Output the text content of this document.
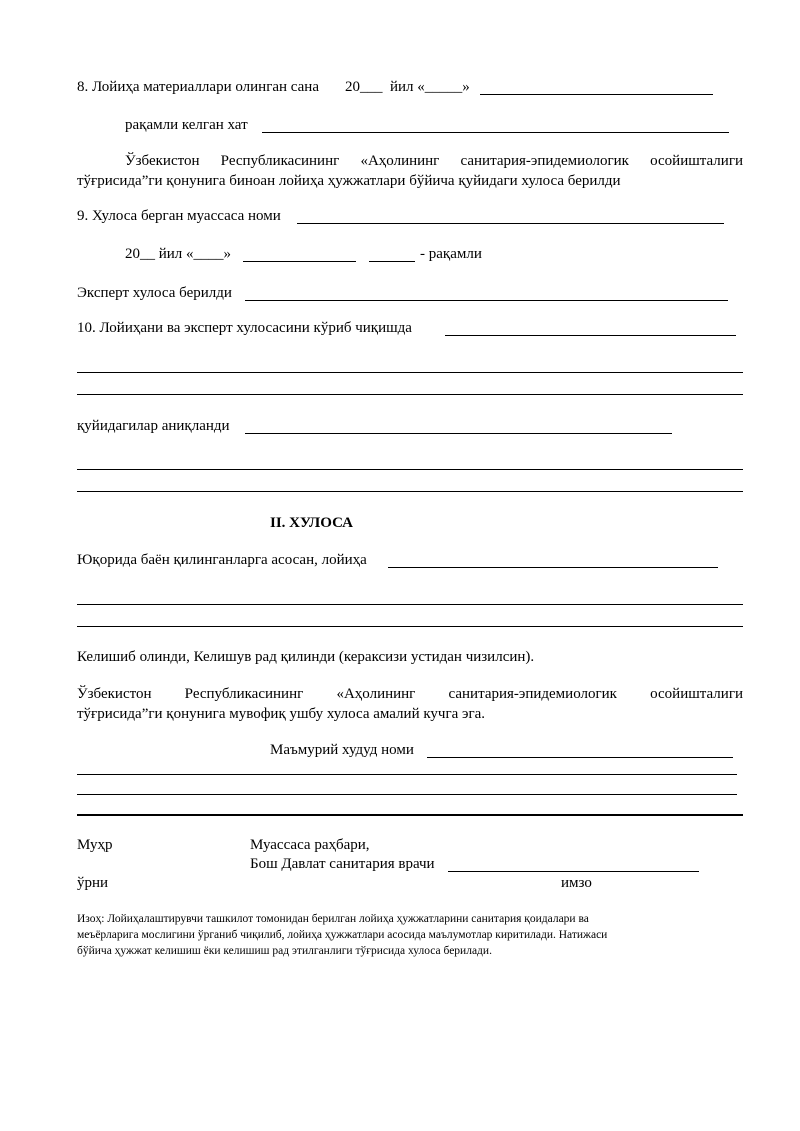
8. Лойиҳа материаллари олинган сана 20___ йил «_____»
рақамли келган хат
Ўзбекистон Республикасининг «Аҳолининг санитария-эпидемиологик осойишталиги
тўғрисида”ги қонунига биноан лойиҳа ҳужжатлари бўйича қуйидаги хулоса берилди
9. Хулоса берган муассаса номи
20__ йил «____»	- рақамли
Эксперт хулоса берилди
10. Лойиҳани ва эксперт хулосасини кўриб чиқишда
қуйидагилар аниқланди
II. ХУЛОСА
Юқорида баён қилинганларга асосан, лойиҳа
Келишиб олинди, Келишув рад қилинди (кераксизи устидан чизилсин).
Ўзбекистон Республикасининг «Аҳолининг санитария-эпидемиологик осойишталиги
тўғрисида”ги қонунига мувофиқ ушбу хулоса амалий кучга эга.
Маъмурий худуд номи
Муҳр	Муассаса раҳбари,
Бош Давлат санитария врачи
ўрни	имзо
Изоҳ: Лойиҳалаштирувчи ташкилот томонидан берилган лойиҳа ҳужжатларини санитария қоидалари ва
меъёрларига мослигини ўрганиб чиқилиб, лойиҳа ҳужжатлари асосида маълумотлар киритилади. Натижаси
бўйича ҳужжат келишиш ёки келишиш рад этилганлиги тўғрисида хулоса берилади.
